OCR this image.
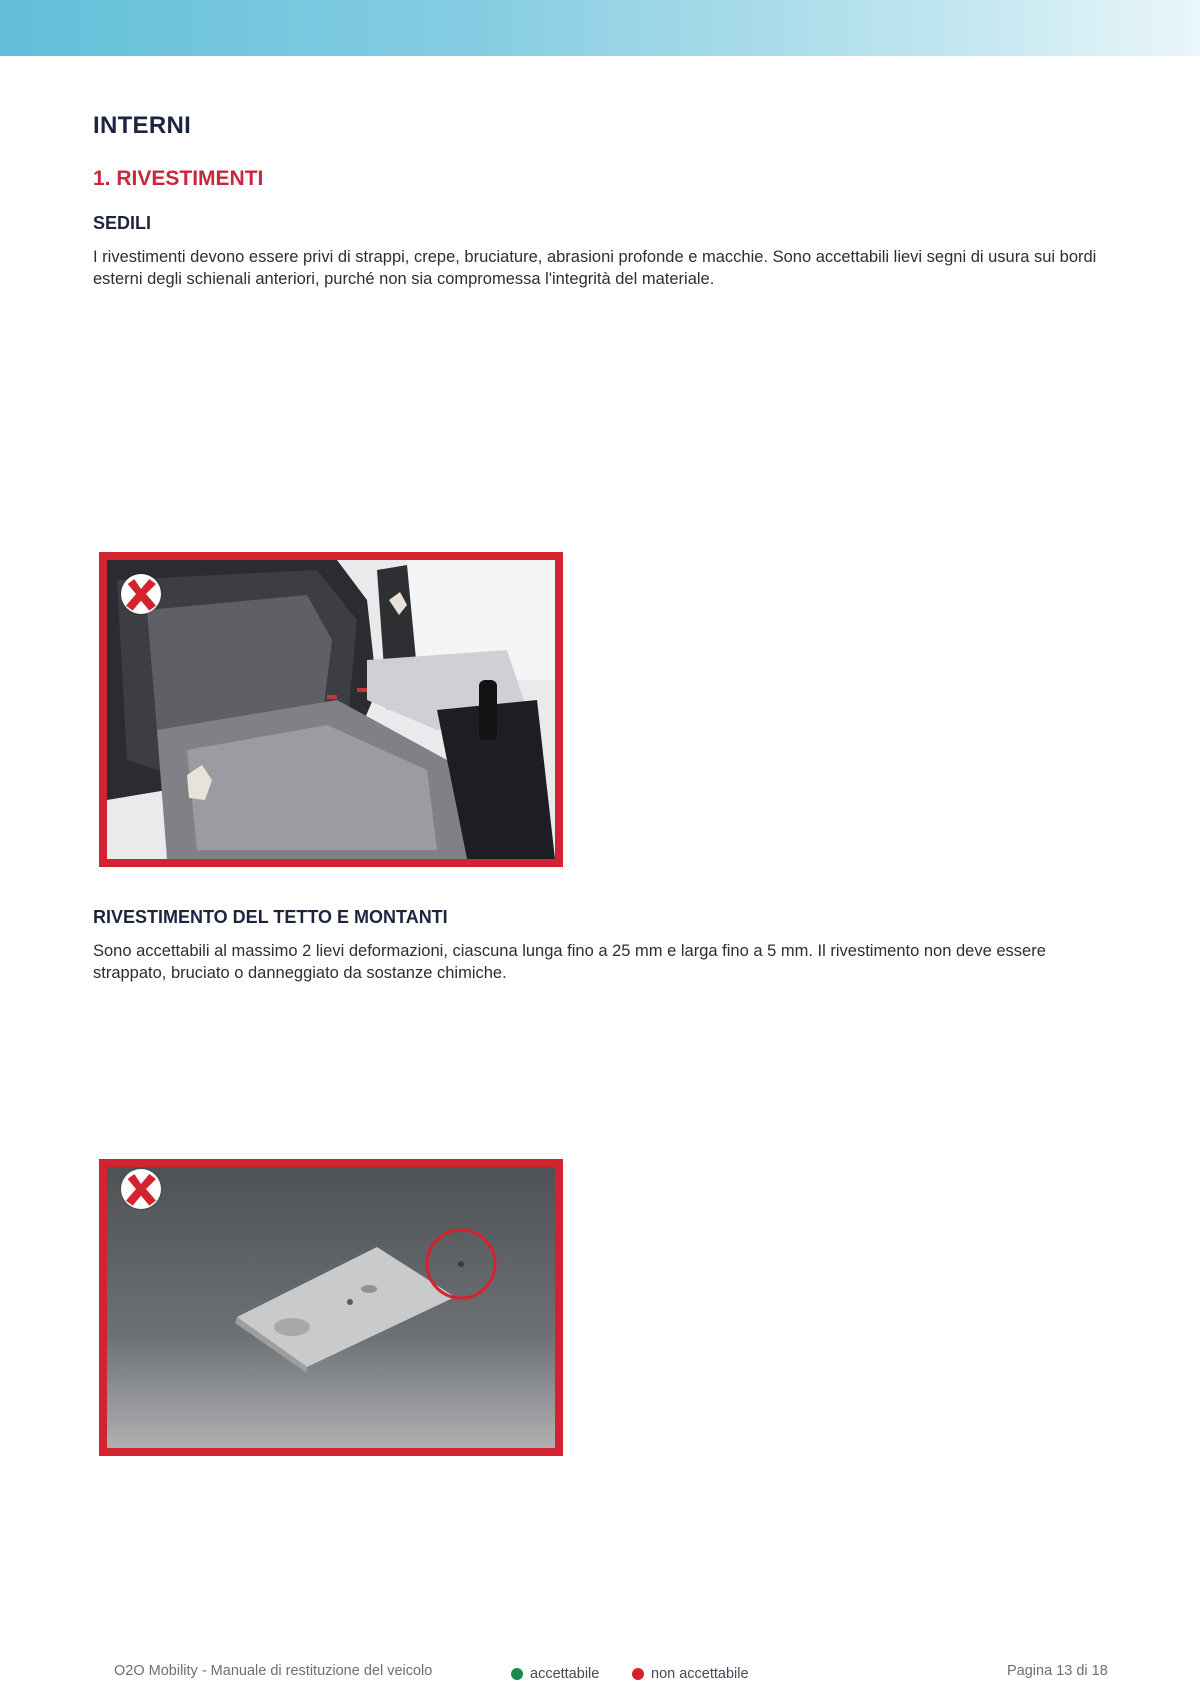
INTERNI
1. RIVESTIMENTI
SEDILI
I rivestimenti devono essere privi di strappi, crepe, bruciature, abrasioni profonde e macchie. Sono accettabili lievi segni di usura sui bordi esterni degli schienali anteriori, purché non sia compromessa l'integrità del materiale.
RIVESTIMENTO DEL TETTO E MONTANTI
Sono accettabili al massimo 2 lievi deformazioni, ciascuna lunga fino a 25 mm e larga fino a 5 mm. Il rivestimento non deve essere strappato, bruciato o danneggiato da sostanze chimiche.
O2O Mobility - Manuale di restituzione del veicolo	accettabile	non accettabile	Pagina 13 di 18
